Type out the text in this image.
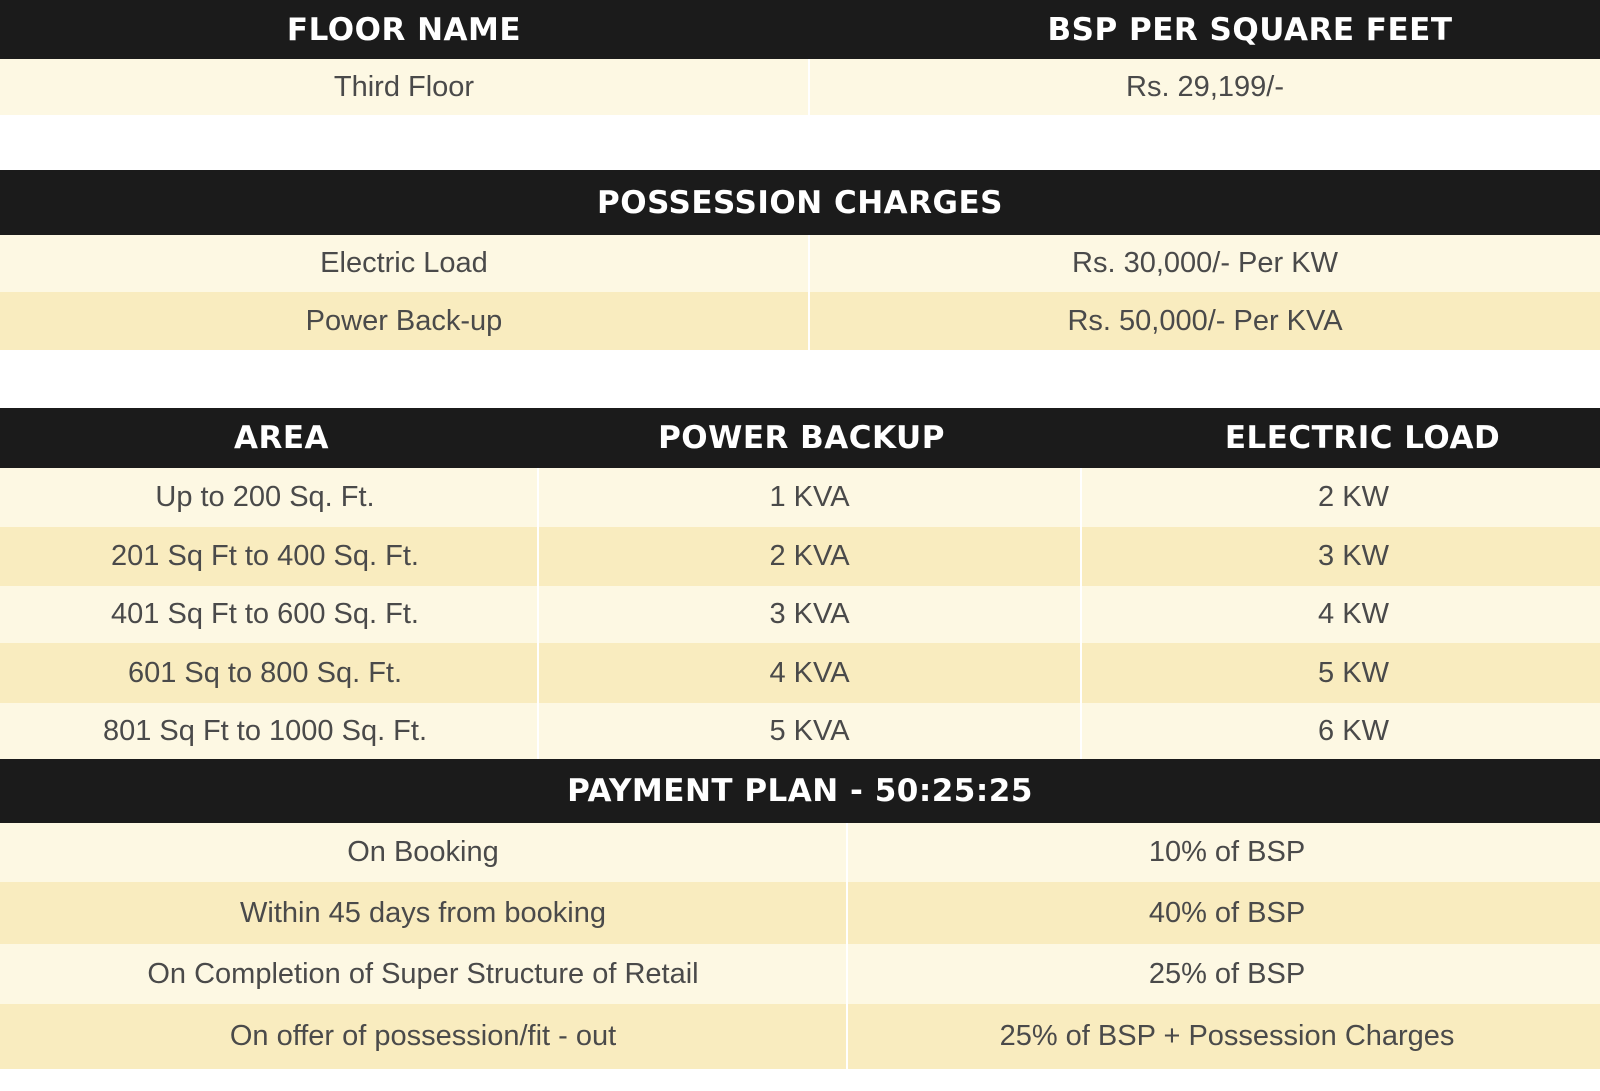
FLOOR NAME	BSP PER SQUARE FEET
Third Floor	Rs. 29,199/-
POSSESSION CHARGES
Electric Load	Rs. 30,000/- Per KW
Power Back-up	Rs. 50,000/- Per KVA
AREA	POWER BACKUP	ELECTRIC LOAD
Up to 200 Sq. Ft.	1 KVA	2 KW
201 Sq Ft to 400 Sq. Ft.	2 KVA	3 KW
401 Sq Ft to 600 Sq. Ft.	3 KVA	4 KW
601 Sq to 800 Sq. Ft.	4 KVA	5 KW
801 Sq Ft to 1000 Sq. Ft.	5 KVA	6 KW
PAYMENT PLAN - 50:25:25
On Booking	10% of BSP
Within 45 days from booking	40% of BSP
On Completion of Super Structure of Retail	25% of BSP
On offer of possession/fit - out	25% of BSP + Possession Charges
